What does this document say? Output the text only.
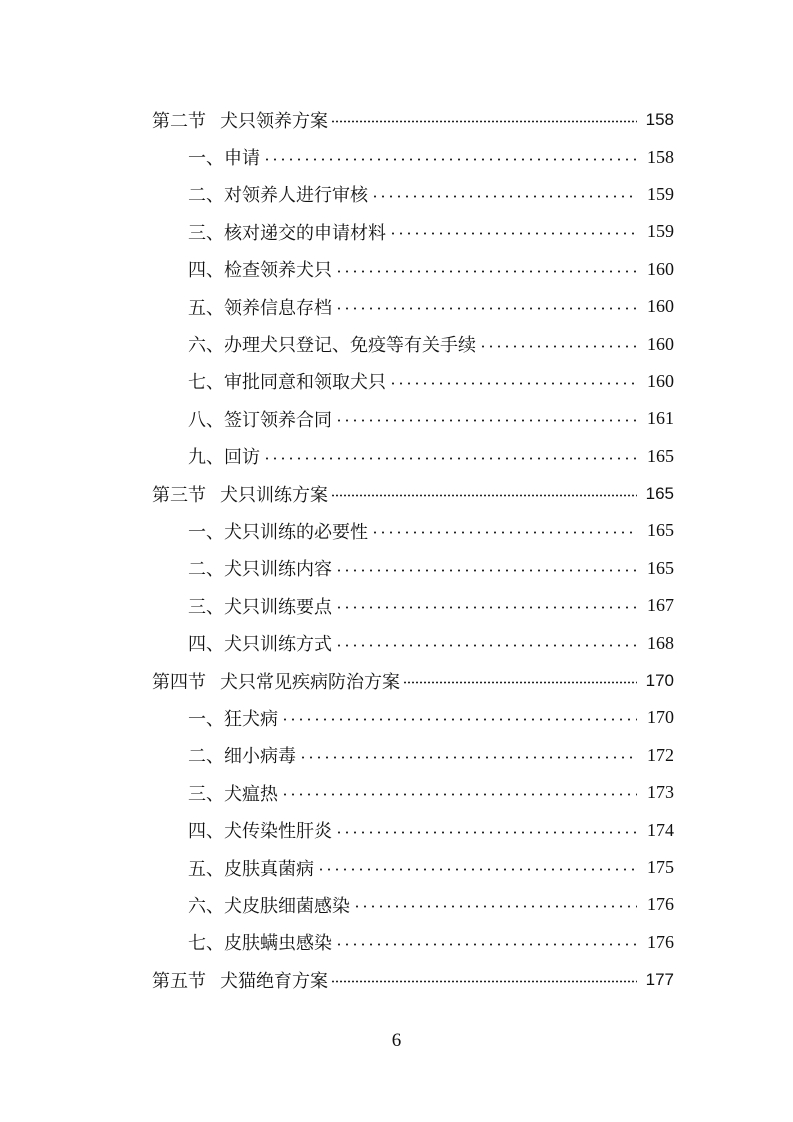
第二节 犬只领养方案	158
一、申请	158
二、对领养人进行审核	159
三、核对递交的申请材料	159
四、检查领养犬只	160
五、领养信息存档	160
六、办理犬只登记、免疫等有关手续	160
七、审批同意和领取犬只	160
八、签订领养合同	161
九、回访	165
第三节 犬只训练方案	165
一、犬只训练的必要性	165
二、犬只训练内容	165
三、犬只训练要点	167
四、犬只训练方式	168
第四节 犬只常见疾病防治方案	170
一、狂犬病	170
二、细小病毒	172
三、犬瘟热	173
四、犬传染性肝炎	174
五、皮肤真菌病	175
六、犬皮肤细菌感染	176
七、皮肤螨虫感染	176
第五节 犬猫绝育方案	177
6
